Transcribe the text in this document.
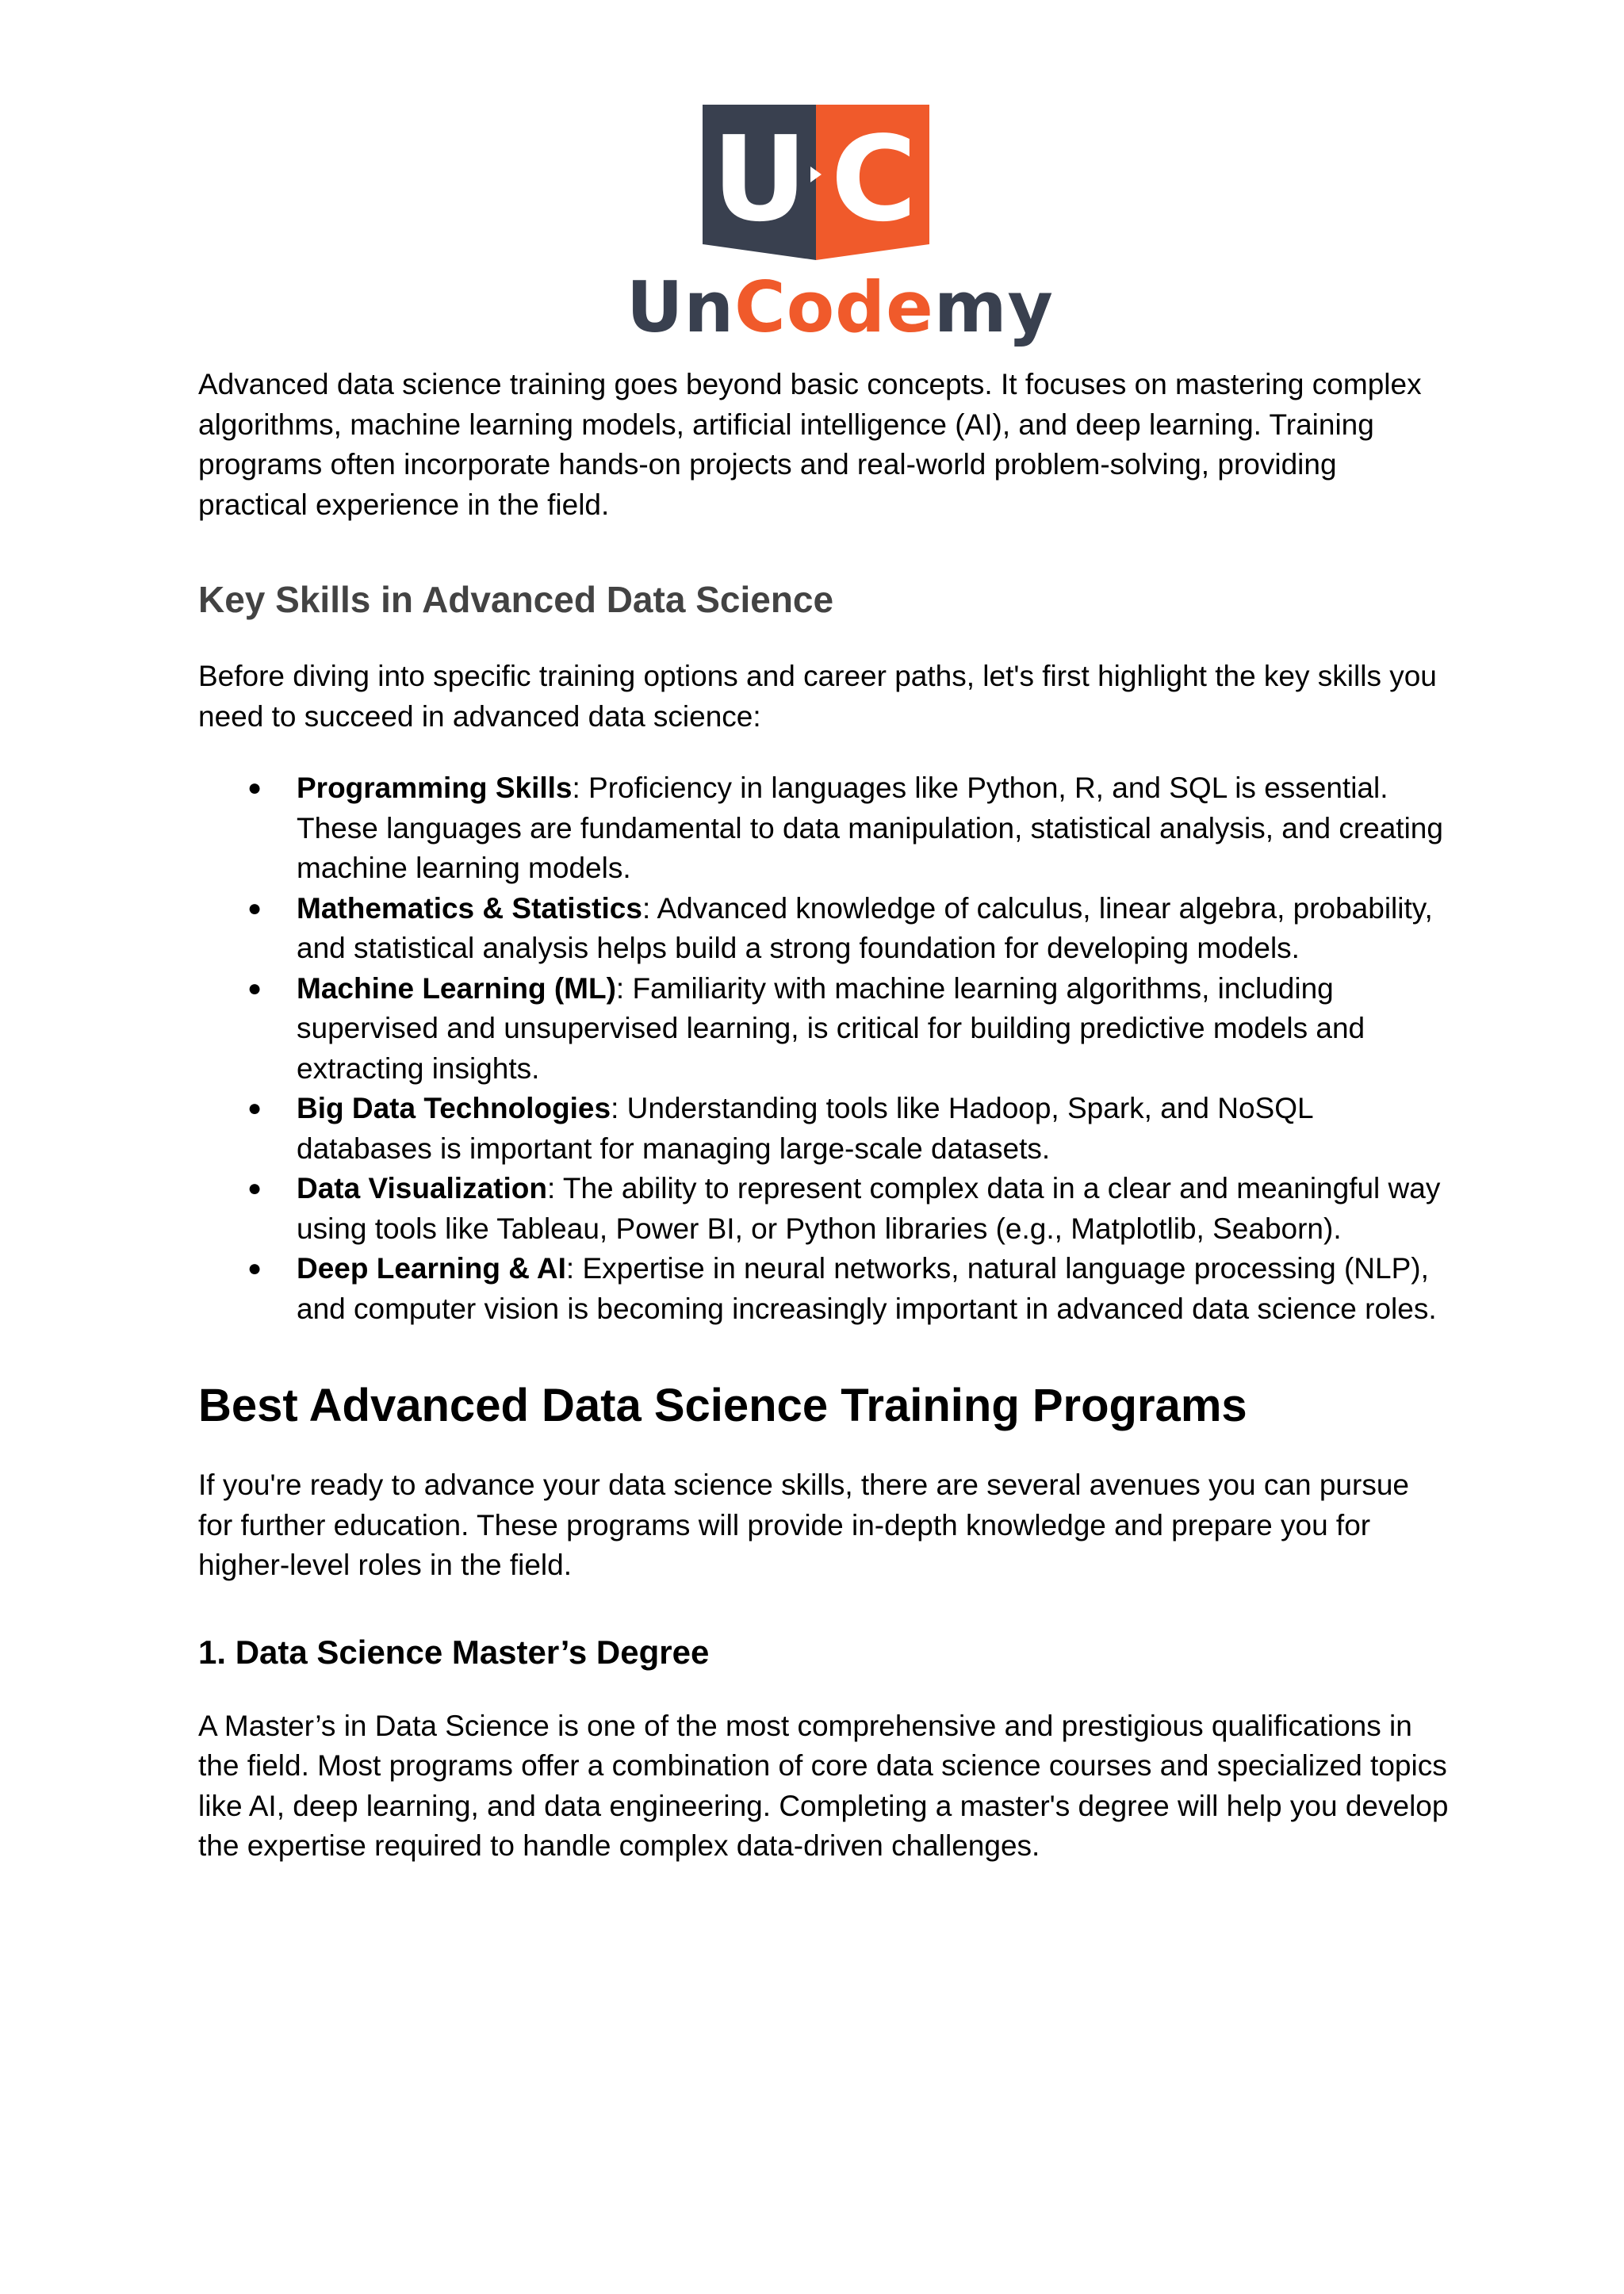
U C
UnCodemy

Advanced data science training goes beyond basic concepts. It focuses on mastering complex algorithms, machine learning models, artificial intelligence (AI), and deep learning. Training programs often incorporate hands-on projects and real-world problem-solving, providing practical experience in the field.

Key Skills in Advanced Data Science

Before diving into specific training options and career paths, let's first highlight the key skills you need to succeed in advanced data science:

● Programming Skills: Proficiency in languages like Python, R, and SQL is essential. These languages are fundamental to data manipulation, statistical analysis, and creating machine learning models.
● Mathematics & Statistics: Advanced knowledge of calculus, linear algebra, probability, and statistical analysis helps build a strong foundation for developing models.
● Machine Learning (ML): Familiarity with machine learning algorithms, including supervised and unsupervised learning, is critical for building predictive models and extracting insights.
● Big Data Technologies: Understanding tools like Hadoop, Spark, and NoSQL databases is important for managing large-scale datasets.
● Data Visualization: The ability to represent complex data in a clear and meaningful way using tools like Tableau, Power BI, or Python libraries (e.g., Matplotlib, Seaborn).
● Deep Learning & AI: Expertise in neural networks, natural language processing (NLP), and computer vision is becoming increasingly important in advanced data science roles.
Best Advanced Data Science Training Programs

If you're ready to advance your data science skills, there are several avenues you can pursue for further education. These programs will provide in-depth knowledge and prepare you for higher-level roles in the field.

1. Data Science Master’s Degree

A Master’s in Data Science is one of the most comprehensive and prestigious qualifications in the field. Most programs offer a combination of core data science courses and specialized topics like AI, deep learning, and data engineering. Completing a master's degree will help you develop the expertise required to handle complex data-driven challenges.
